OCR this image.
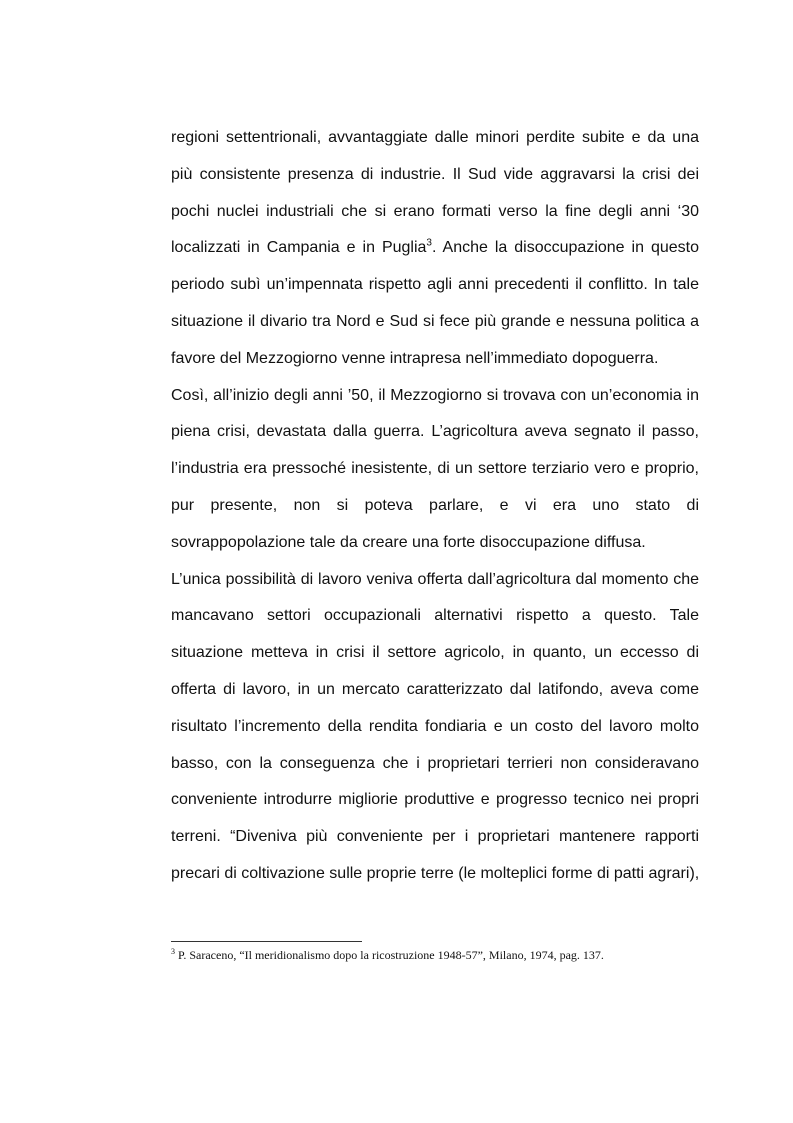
regioni settentrionali, avvantaggiate dalle minori perdite subite e da una
più consistente presenza di industrie. Il Sud vide aggravarsi la crisi dei
pochi nuclei industriali che si erano formati verso la fine degli anni ‘30
localizzati in Campania e in Puglia$^3$. Anche la disoccupazione in questo
periodo subì un’impennata rispetto agli anni precedenti il conflitto. In tale
situazione il divario tra Nord e Sud si fece più grande e nessuna politica a
favore del Mezzogiorno venne intrapresa nell’immediato dopoguerra.
Così, all’inizio degli anni ’50, il Mezzogiorno si trovava con un’economia in
piena crisi, devastata dalla guerra. L’agricoltura aveva segnato il passo,
l’industria era pressoché inesistente, di un settore terziario vero e proprio,
pur presente, non si poteva parlare, e vi era uno stato di
sovrappopolazione tale da creare una forte disoccupazione diffusa.
L’unica possibilità di lavoro veniva offerta dall’agricoltura dal momento che
mancavano settori occupazionali alternativi rispetto a questo. Tale
situazione metteva in crisi il settore agricolo, in quanto, un eccesso di
offerta di lavoro, in un mercato caratterizzato dal latifondo, aveva come
risultato l’incremento della rendita fondiaria e un costo del lavoro molto
basso, con la conseguenza che i proprietari terrieri non consideravano
conveniente introdurre migliorie produttive e progresso tecnico nei propri
terreni. “Diveniva più conveniente per i proprietari mantenere rapporti
precari di coltivazione sulle proprie terre (le molteplici forme di patti agrari),
$^3$ P. Saraceno, “Il meridionalismo dopo la ricostruzione 1948-57”, Milano, 1974, pag. 137.
